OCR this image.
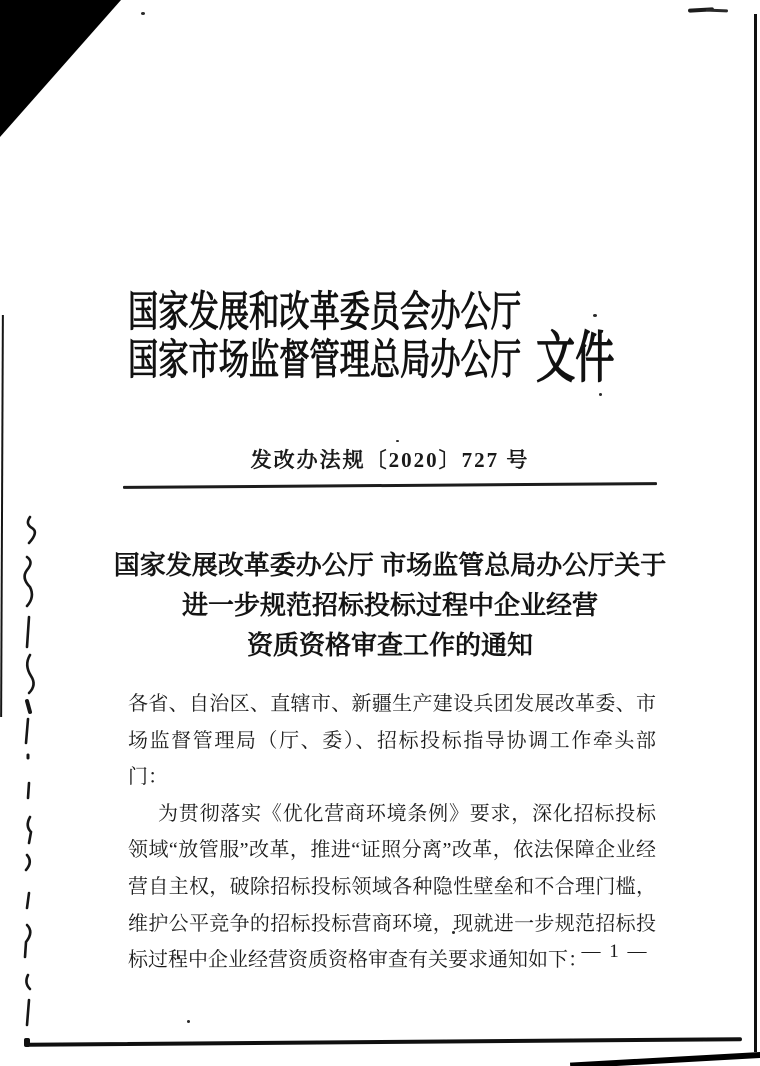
国家发展和改革委员会办公厅
国家市场监督管理总局办公厅 文件
发改办法规〔2020〕727 号
国家发展改革委办公厅 市场监管总局办公厅关于
进一步规范招标投标过程中企业经营
资质资格审查工作的通知

各省、自治区、直辖市、新疆生产建设兵团发展改革委、市场监督管理局（厅、委）、招标投标指导协调工作牵头部门：

为贯彻落实《优化营商环境条例》要求，深化招标投标领域“放管服”改革，推进“证照分离”改革，依法保障企业经营自主权，破除招标投标领域各种隐性壁垒和不合理门槛，维护公平竞争的招标投标营商环境，现就进一步规范招标投标过程中企业经营资质资格审查有关要求通知如下：

— 1 —
